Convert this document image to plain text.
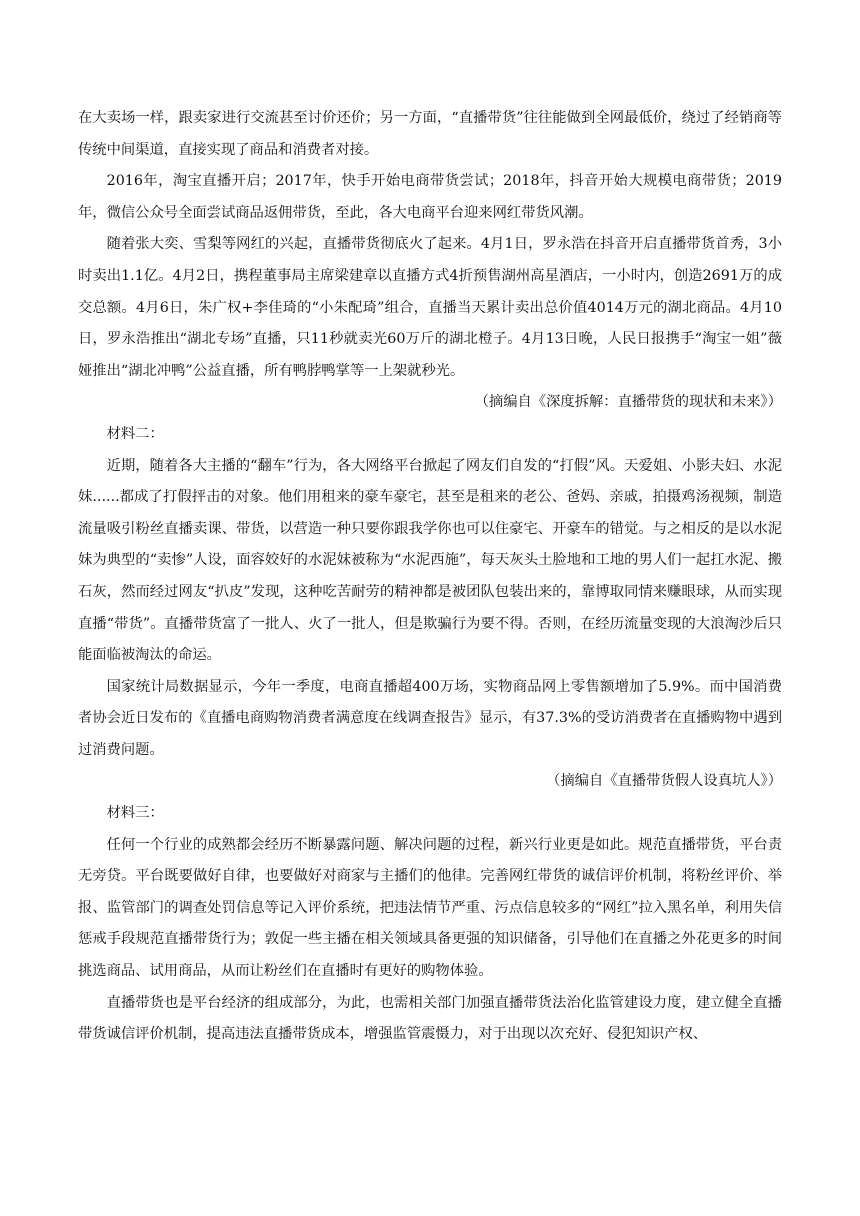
在大卖场一样，跟卖家进行交流甚至讨价还价；另一方面，“直播带货”往往能做到全网最低价，绕过了经销商等传统中间渠道，直接实现了商品和消费者对接。

2016年，淘宝直播开启；2017年，快手开始电商带货尝试；2018年，抖音开始大规模电商带货；2019年，微信公众号全面尝试商品返佣带货，至此，各大电商平台迎来网红带货风潮。

随着张大奕、雪梨等网红的兴起，直播带货彻底火了起来。4月1日，罗永浩在抖音开启直播带货首秀，3小时卖出1.1亿。4月2日，携程董事局主席梁建章以直播方式4折预售湖州高星酒店，一小时内，创造2691万的成交总额。4月6日，朱广权+李佳琦的“小朱配琦”组合，直播当天累计卖出总价值4014万元的湖北商品。4月10日，罗永浩推出“湖北专场”直播，只11秒就卖光60万斤的湖北橙子。4月13日晚，人民日报携手“淘宝一姐”薇娅推出“湖北冲鸭”公益直播，所有鸭脖鸭掌等一上架就秒光。

（摘编自《深度拆解：直播带货的现状和未来》）

材料二：

近期，随着各大主播的“翻车”行为，各大网络平台掀起了网友们自发的“打假”风。天爱姐、小影夫妇、水泥妹......都成了打假抨击的对象。他们用租来的豪车豪宅，甚至是租来的老公、爸妈、亲戚，拍摄鸡汤视频，制造流量吸引粉丝直播卖课、带货，以营造一种只要你跟我学你也可以住豪宅、开豪车的错觉。与之相反的是以水泥妹为典型的“卖惨”人设，面容姣好的水泥妹被称为“水泥西施”，每天灰头土脸地和工地的男人们一起扛水泥、搬石灰，然而经过网友“扒皮”发现，这种吃苦耐劳的精神都是被团队包装出来的，靠博取同情来赚眼球，从而实现直播“带货”。直播带货富了一批人、火了一批人，但是欺骗行为要不得。否则，在经历流量变现的大浪淘沙后只能面临被淘汰的命运。

国家统计局数据显示，今年一季度，电商直播超400万场，实物商品网上零售额增加了5.9%。而中国消费者协会近日发布的《直播电商购物消费者满意度在线调查报告》显示，有37.3%的受访消费者在直播购物中遇到过消费问题。

（摘编自《直播带货假人设真坑人》）

材料三：

任何一个行业的成熟都会经历不断暴露问题、解决问题的过程，新兴行业更是如此。规范直播带货，平台责无旁贷。平台既要做好自律，也要做好对商家与主播们的他律。完善网红带货的诚信评价机制，将粉丝评价、举报、监管部门的调查处罚信息等记入评价系统，把违法情节严重、污点信息较多的“网红”拉入黑名单，利用失信惩戒手段规范直播带货行为；敦促一些主播在相关领域具备更强的知识储备，引导他们在直播之外花更多的时间挑选商品、试用商品，从而让粉丝们在直播时有更好的购物体验。

直播带货也是平台经济的组成部分，为此，也需相关部门加强直播带货法治化监管建设力度，建立健全直播带货诚信评价机制，提高违法直播带货成本，增强监管震慑力，对于出现以次充好、侵犯知识产权、
